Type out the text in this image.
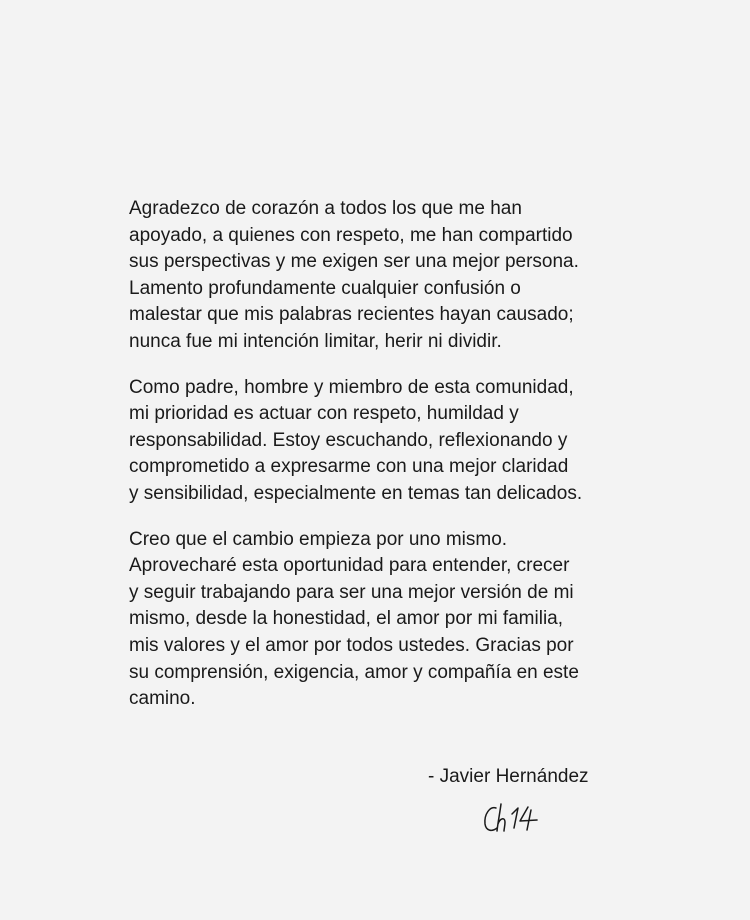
Agradezco de corazón a todos los que me han
apoyado, a quienes con respeto, me han compartido
sus perspectivas y me exigen ser una mejor persona.
Lamento profundamente cualquier confusión o
malestar que mis palabras recientes hayan causado;
nunca fue mi intención limitar, herir ni dividir.
Como padre, hombre y miembro de esta comunidad,
mi prioridad es actuar con respeto, humildad y
responsabilidad. Estoy escuchando, reflexionando y
comprometido a expresarme con una mejor claridad
y sensibilidad, especialmente en temas tan delicados.
Creo que el cambio empieza por uno mismo.
Aprovecharé esta oportunidad para entender, crecer
y seguir trabajando para ser una mejor versión de mi
mismo, desde la honestidad, el amor por mi familia,
mis valores y el amor por todos ustedes. Gracias por
su comprensión, exigencia, amor y compañía en este
camino.
- Javier Hernández
